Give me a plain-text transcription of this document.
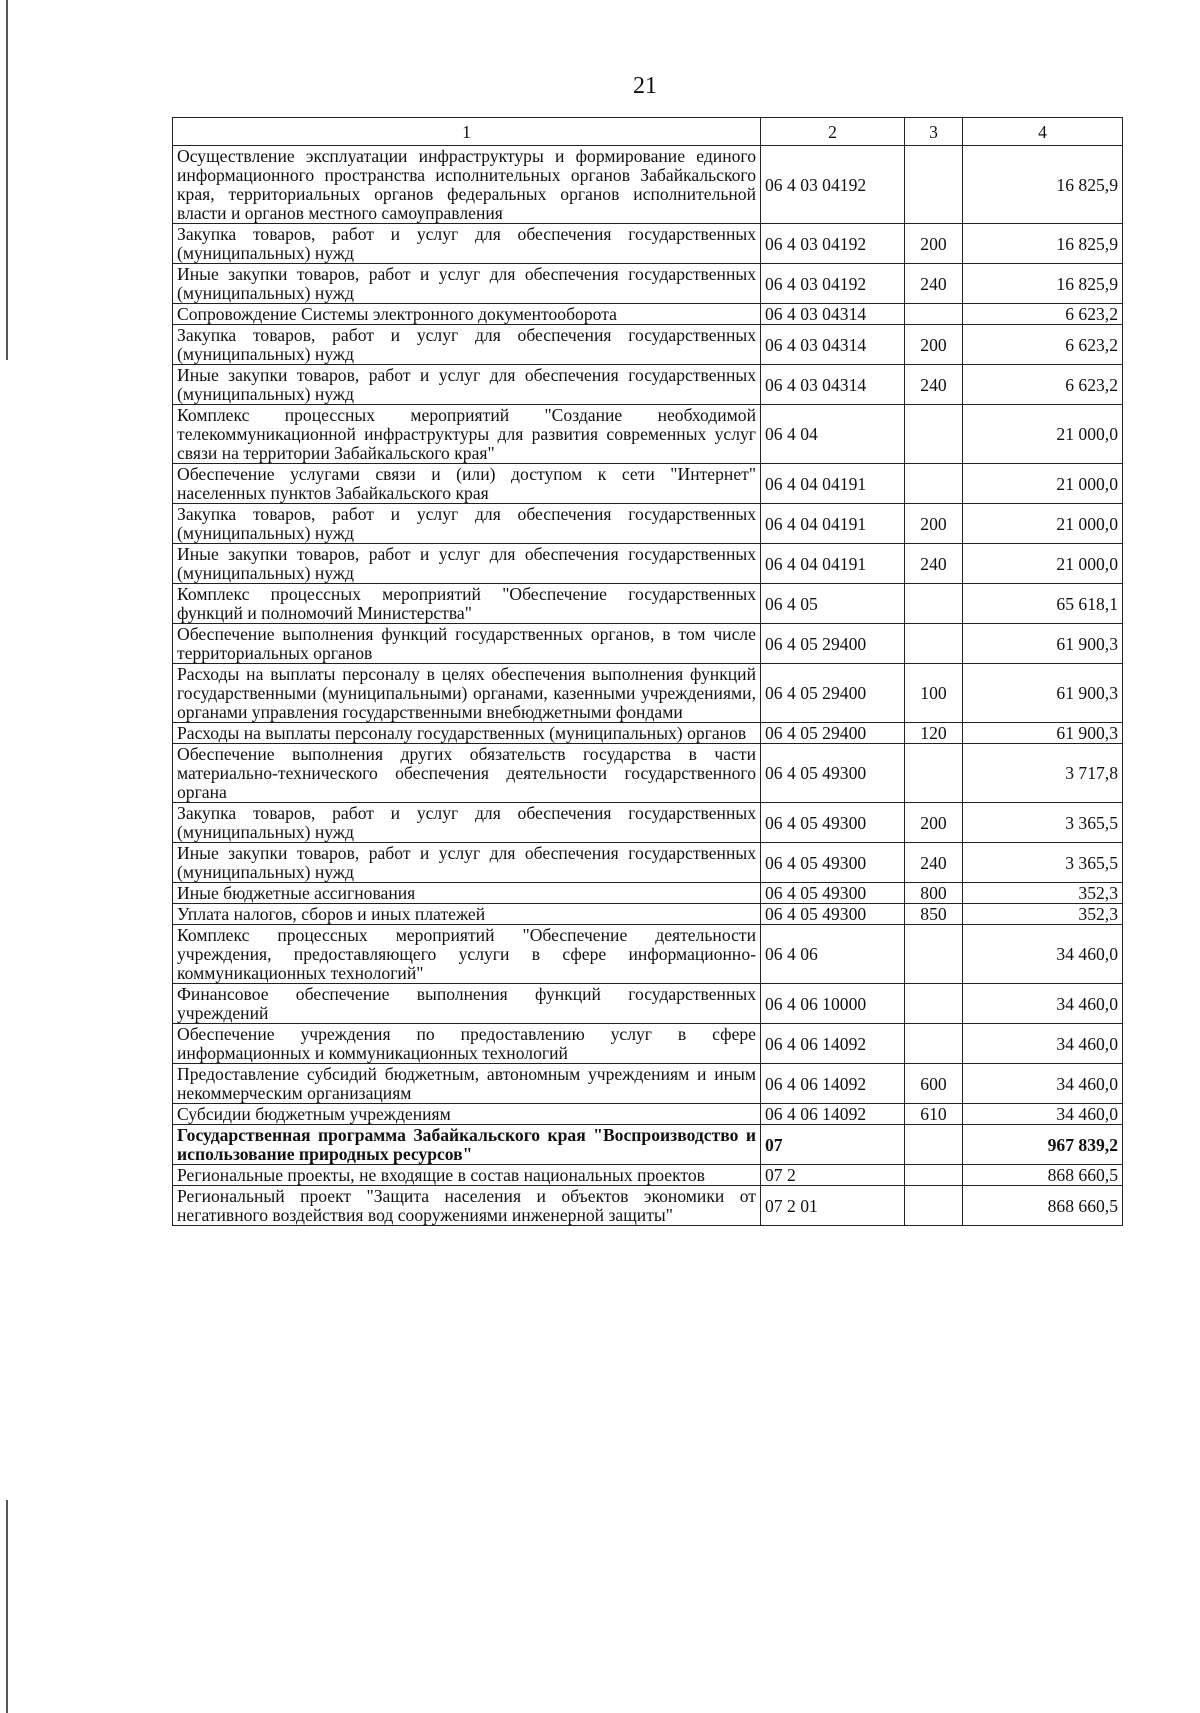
21
1	2	3	4
Осуществление эксплуатации инфраструктуры и формирование единого информационного пространства исполнительных органов Забайкальского края, территориальных органов федеральных органов исполнительной власти и органов местного самоуправления	06 4 03 04192		16 825,9
Закупка товаров, работ и услуг для обеспечения государственных (муниципальных) нужд	06 4 03 04192	200	16 825,9
Иные закупки товаров, работ и услуг для обеспечения государственных (муниципальных) нужд	06 4 03 04192	240	16 825,9
Сопровождение Системы электронного документооборота	06 4 03 04314		6 623,2
Закупка товаров, работ и услуг для обеспечения государственных (муниципальных) нужд	06 4 03 04314	200	6 623,2
Иные закупки товаров, работ и услуг для обеспечения государственных (муниципальных) нужд	06 4 03 04314	240	6 623,2
Комплекс процессных мероприятий "Создание необходимой телекоммуникационной инфраструктуры для развития современных услуг связи на территории Забайкальского края"	06 4 04		21 000,0
Обеспечение услугами связи и (или) доступом к сети "Интернет" населенных пунктов Забайкальского края	06 4 04 04191		21 000,0
Закупка товаров, работ и услуг для обеспечения государственных (муниципальных) нужд	06 4 04 04191	200	21 000,0
Иные закупки товаров, работ и услуг для обеспечения государственных (муниципальных) нужд	06 4 04 04191	240	21 000,0
Комплекс процессных мероприятий "Обеспечение государственных функций и полномочий Министерства"	06 4 05		65 618,1
Обеспечение выполнения функций государственных органов, в том числе территориальных органов	06 4 05 29400		61 900,3
Расходы на выплаты персоналу в целях обеспечения выполнения функций государственными (муниципальными) органами, казенными учреждениями, органами управления государственными внебюджетными фондами	06 4 05 29400	100	61 900,3
Расходы на выплаты персоналу государственных (муниципальных) органов	06 4 05 29400	120	61 900,3
Обеспечение выполнения других обязательств государства в части материально-технического обеспечения деятельности государственного органа	06 4 05 49300		3 717,8
Закупка товаров, работ и услуг для обеспечения государственных (муниципальных) нужд	06 4 05 49300	200	3 365,5
Иные закупки товаров, работ и услуг для обеспечения государственных (муниципальных) нужд	06 4 05 49300	240	3 365,5
Иные бюджетные ассигнования	06 4 05 49300	800	352,3
Уплата налогов, сборов и иных платежей	06 4 05 49300	850	352,3
Комплекс процессных мероприятий "Обеспечение деятельности учреждения, предоставляющего услуги в сфере информационно-коммуникационных технологий"	06 4 06		34 460,0
Финансовое обеспечение выполнения функций государственных учреждений	06 4 06 10000		34 460,0
Обеспечение учреждения по предоставлению услуг в сфере информационных и коммуникационных технологий	06 4 06 14092		34 460,0
Предоставление субсидий бюджетным, автономным учреждениям и иным некоммерческим организациям	06 4 06 14092	600	34 460,0
Субсидии бюджетным учреждениям	06 4 06 14092	610	34 460,0
Государственная программа Забайкальского края "Воспроизводство и использование природных ресурсов"	07		967 839,2
Региональные проекты, не входящие в состав национальных проектов	07 2		868 660,5
Региональный проект "Защита населения и объектов экономики от негативного воздействия вод сооружениями инженерной защиты"	07 2 01		868 660,5
